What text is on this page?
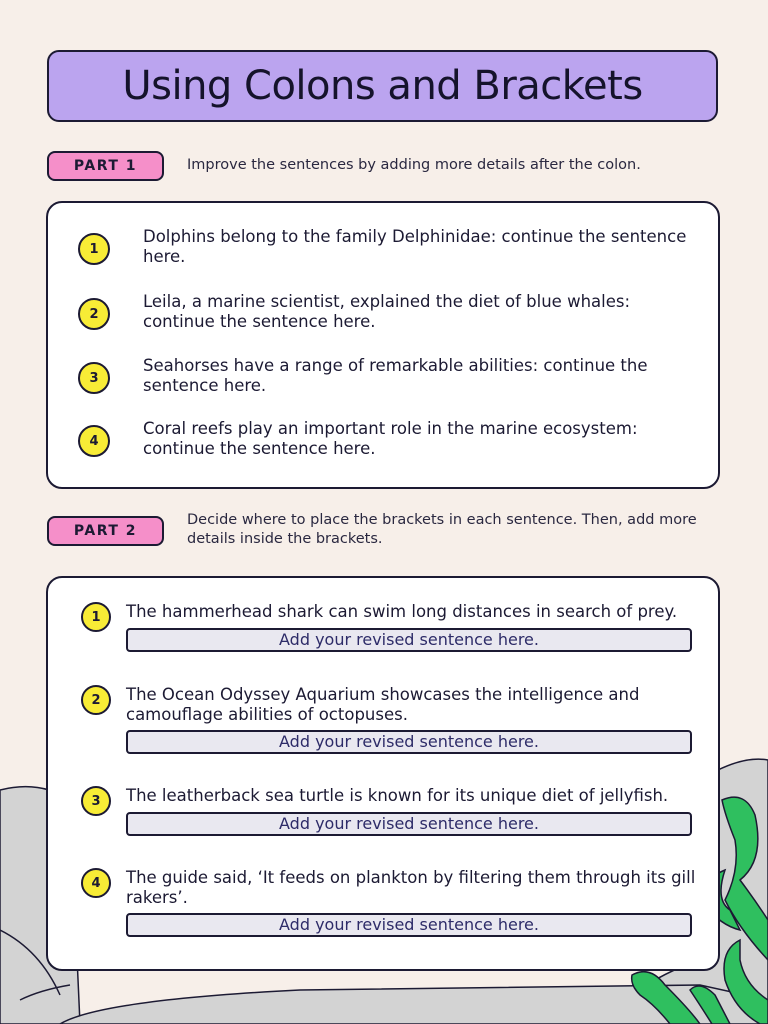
Using Colons and Brackets
PART 1	Improve the sentences by adding more details after the colon.
1
Dolphins belong to the family Delphinidae: continue the sentence here.
2
Leila, a marine scientist, explained the diet of blue whales: continue the sentence here.
3
Seahorses have a range of remarkable abilities: continue the sentence here.
4
Coral reefs play an important role in the marine ecosystem: continue the sentence here.
PART 2
Decide where to place the brackets in each sentence. Then, add more details inside the brackets.
1	The hammerhead shark can swim long distances in search of prey.
Add your revised sentence here.
2	The Ocean Odyssey Aquarium showcases the intelligence and camouflage abilities of octopuses.
Add your revised sentence here.
3	The leatherback sea turtle is known for its unique diet of jellyfish.
Add your revised sentence here.
4	The guide said, ‘It feeds on plankton by filtering them through its gill rakers’.
Add your revised sentence here.
